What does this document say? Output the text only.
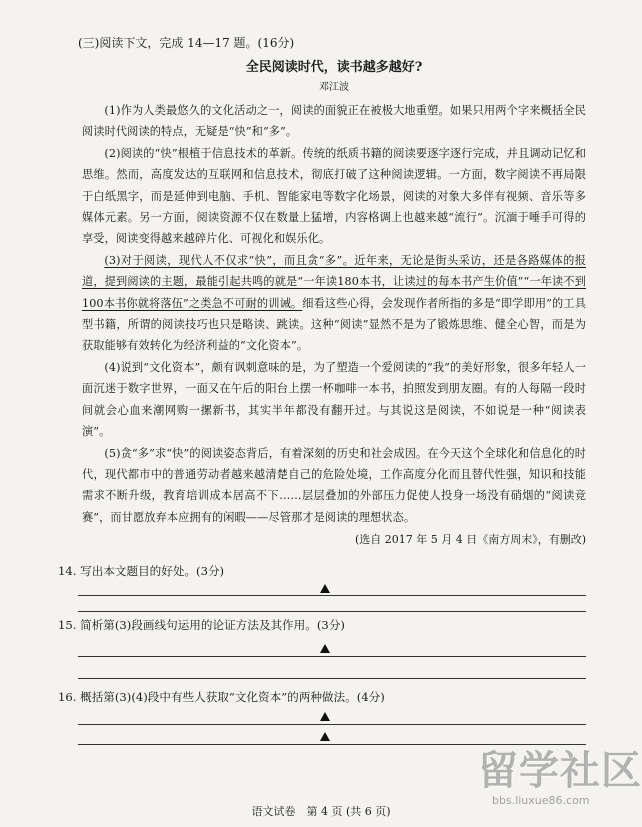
(三)阅读下文，完成 14—17 题。(16分)
全民阅读时代，读书越多越好?
邓江波

(1)作为人类最悠久的文化活动之一，阅读的面貌正在被极大地重塑。如果只用两个字来概括全民阅读时代阅读的特点，无疑是“快”和“多”。

(2)阅读的“快”根植于信息技术的革新。传统的纸质书籍的阅读要逐字逐行完成，并且调动记忆和思维。然而，高度发达的互联网和信息技术，彻底打破了这种阅读逻辑。一方面，数字阅读不再局限于白纸黑字，而是延伸到电脑、手机、智能家电等数字化场景，阅读的对象大多伴有视频、音乐等多媒体元素。另一方面，阅读资源不仅在数量上猛增，内容格调上也越来越“流行”。沉湎于唾手可得的享受，阅读变得越来越碎片化、可视化和娱乐化。

(3)对于阅读，现代人不仅求“快”，而且贪“多”。近年来，无论是街头采访，还是各路媒体的报道，提到阅读的主题，最能引起共鸣的就是“一年读180本书，让读过的每本书产生价值”“一年读不到100本书你就将落伍”之类急不可耐的训诫。细看这些心得，会发现作者所指的多是“即学即用”的工具型书籍，所谓的阅读技巧也只是略读、跳读。这种“阅读”显然不是为了锻炼思维、健全心智，而是为获取能够有效转化为经济利益的“文化资本”。

(4)说到“文化资本”，颇有讽刺意味的是，为了塑造一个爱阅读的“我”的美好形象，很多年轻人一面沉迷于数字世界，一面又在午后的阳台上摆一杯咖啡一本书，拍照发到朋友圈。有的人每隔一段时间就会心血来潮网购一摞新书，其实半年都没有翻开过。与其说这是阅读，不如说是一种“阅读表演”。

(5)贪“多”求“快”的阅读姿态背后，有着深刻的历史和社会成因。在今天这个全球化和信息化的时代，现代都市中的普通劳动者越来越清楚自己的危险处境，工作高度分化而且替代性强，知识和技能需求不断升级，教育培训成本居高不下……层层叠加的外部压力促使人投身一场没有硝烟的“阅读竞赛”，而甘愿放弃本应拥有的闲暇——尽管那才是阅读的理想状态。

(选自 2017 年 5 月 4 日《南方周末》，有删改)
14. 写出本文题目的好处。(3分)
15. 简析第(3)段画线句运用的论证方法及其作用。(3分)
16. 概括第(3)(4)段中有些人获取“文化资本”的两种做法。(4分)
留学社区
bbs.liuxue86.com
语文试卷　第 4 页 (共 6 页)
